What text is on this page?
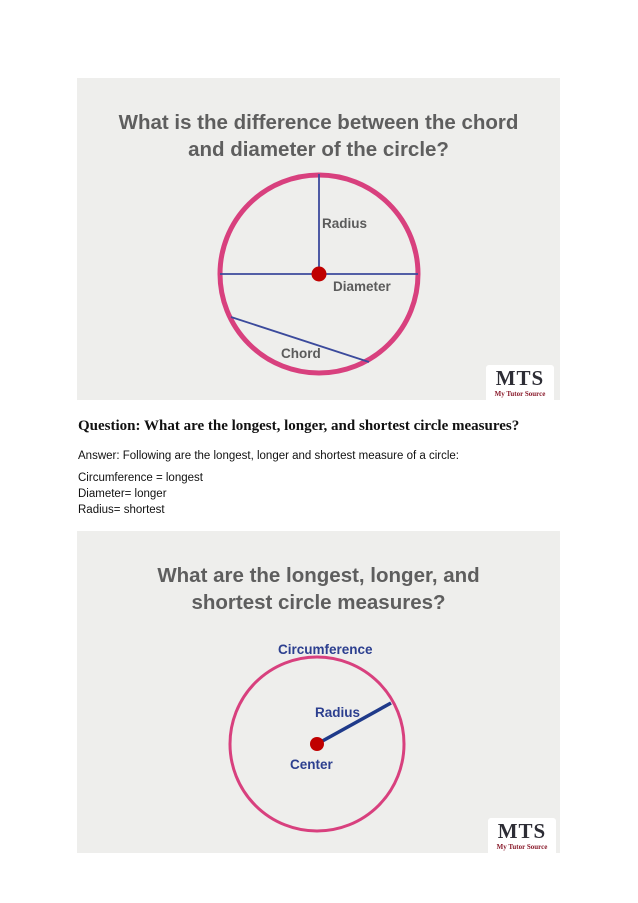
What is the difference between the chord
and diameter of the circle?
Radius
Diameter
Chord
MTS
My Tutor Source
Question: What are the longest, longer, and shortest circle measures?
Answer: Following are the longest, longer and shortest measure of a circle:
Circumference = longest
Diameter= longer
Radius= shortest
What are the longest, longer, and
shortest circle measures?
Circumference
Radius
Center
MTS
My Tutor Source
